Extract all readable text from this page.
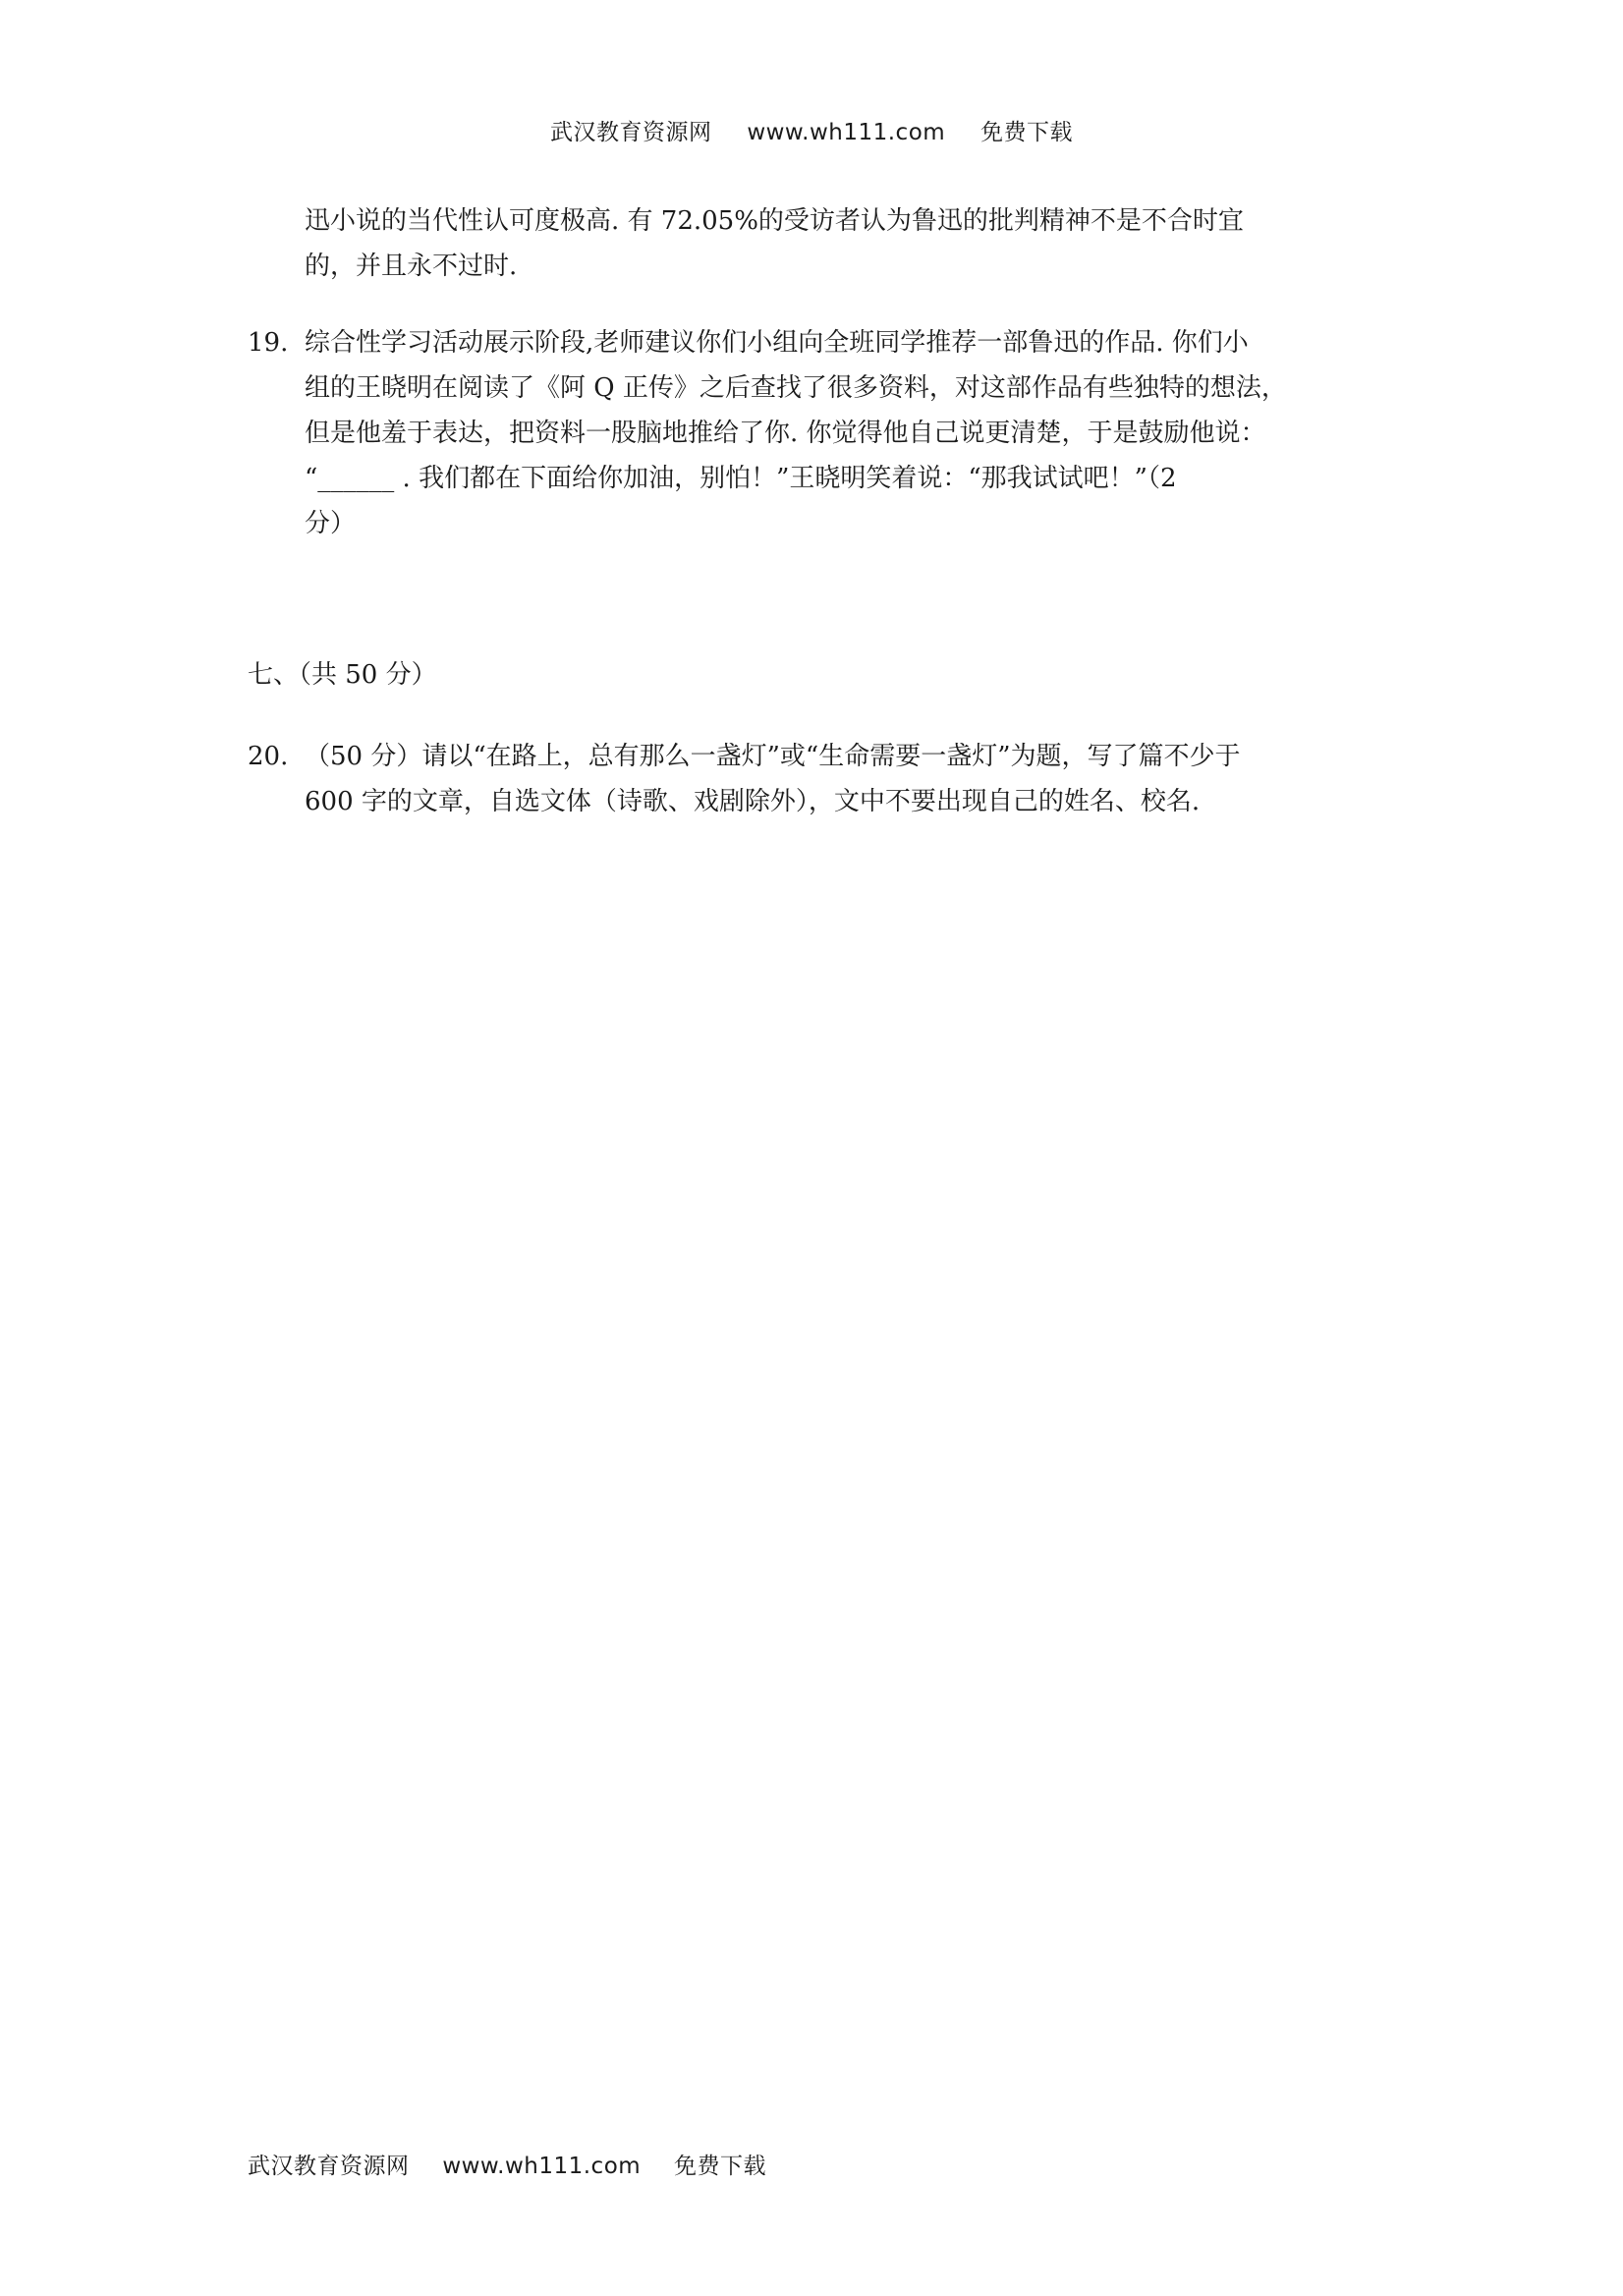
武汉教育资源网 www.wh111.com 免费下载
迅小说的当代性认可度极高. 有 72.05%的受访者认为鲁迅的批判精神不是不合时宜
的，并且永不过时.
19. 综合性学习活动展示阶段,老师建议你们小组向全班同学推荐一部鲁迅的作品. 你们小
组的王晓明在阅读了《阿 Q 正传》之后查找了很多资料，对这部作品有些独特的想法，
但是他羞于表达，把资料一股脑地推给了你. 你觉得他自己说更清楚，于是鼓励他说：
“______ . 我们都在下面给你加油，别怕！”王晓明笑着说：“那我试试吧！”（2
分）
七、（共 50 分）
20. （50 分）请以“在路上，总有那么一盏灯”或“生命需要一盏灯”为题，写了篇不少于
600 字的文章，自选文体（诗歌、戏剧除外），文中不要出现自己的姓名、校名.
武汉教育资源网 www.wh111.com 免费下载
